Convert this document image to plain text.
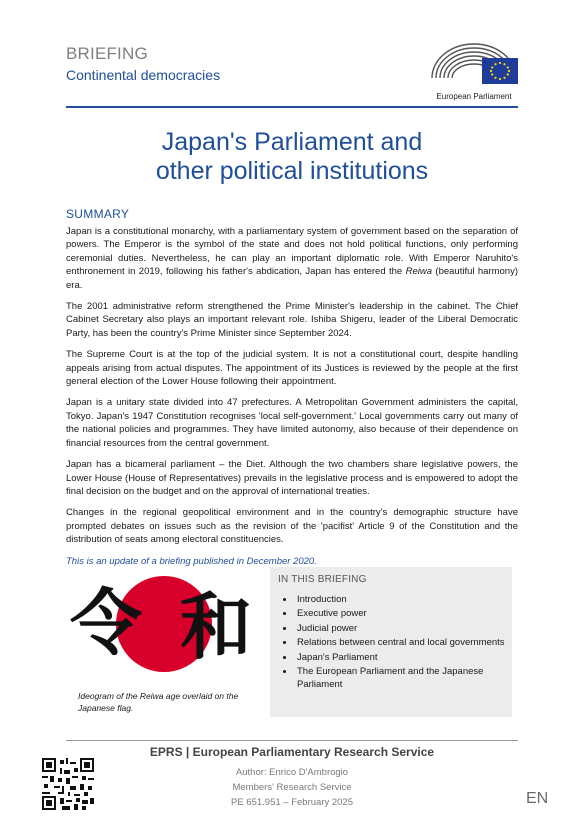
BRIEFING
Continental democracies
European Parliament
Japan's Parliament and
other political institutions
SUMMARY

Japan is a constitutional monarchy, with a parliamentary system of government based on the separation of powers. The Emperor is the symbol of the state and does not hold political functions, only performing ceremonial duties. Nevertheless, he can play an important diplomatic role. With Emperor Naruhito's enthronement in 2019, following his father's abdication, Japan has entered the Reiwa (beautiful harmony) era.

The 2001 administrative reform strengthened the Prime Minister's leadership in the cabinet. The Chief Cabinet Secretary also plays an important relevant role. Ishiba Shigeru, leader of the Liberal Democratic Party, has been the country's Prime Minister since September 2024.

The Supreme Court is at the top of the judicial system. It is not a constitutional court, despite handling appeals arising from actual disputes. The appointment of its Justices is reviewed by the people at the first general election of the Lower House following their appointment.

Japan is a unitary state divided into 47 prefectures. A Metropolitan Government administers the capital, Tokyo. Japan's 1947 Constitution recognises 'local self-government.' Local governments carry out many of the national policies and programmes. They have limited autonomy, also because of their dependence on financial resources from the central government.

Japan has a bicameral parliament – the Diet. Although the two chambers share legislative powers, the Lower House (House of Representatives) prevails in the legislative process and is empowered to adopt the final decision on the budget and on the approval of international treaties.

Changes in the regional geopolitical environment and in the country's demographic structure have prompted debates on issues such as the revision of the 'pacifist' Article 9 of the Constitution and the distribution of seats among electoral constituencies.

This is an update of a briefing published in December 2020.

令 和
Ideogram of the Reiwa age overlaid on the Japanese flag.
IN THIS BRIEFING
• Introduction
• Executive power
• Judicial power
• Relations between central and local governments
• Japan's Parliament
• The European Parliament and the Japanese Parliament
EPRS | European Parliamentary Research Service
Author: Enrico D'Ambrogio
Members' Research Service
PE 651.951 – February 2025	EN
